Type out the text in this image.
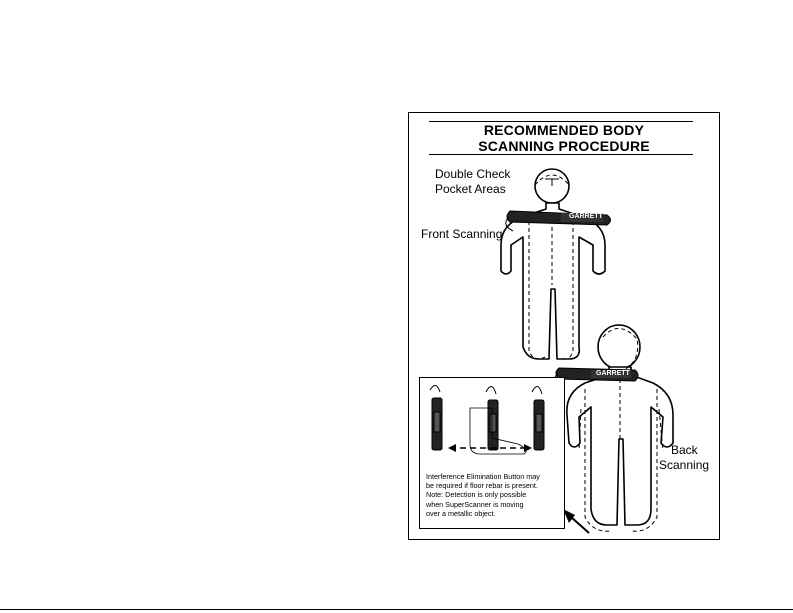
RECOMMENDED BODY
SCANNING PROCEDURE
GARRETT
GARRETT
Double Check
Pocket Areas
Front Scanning
Back
Scanning
Interference Elimination Button may
be required if floor rebar is present.
Note: Detection is only possible
when SuperScanner is moving
over a metallic object.
